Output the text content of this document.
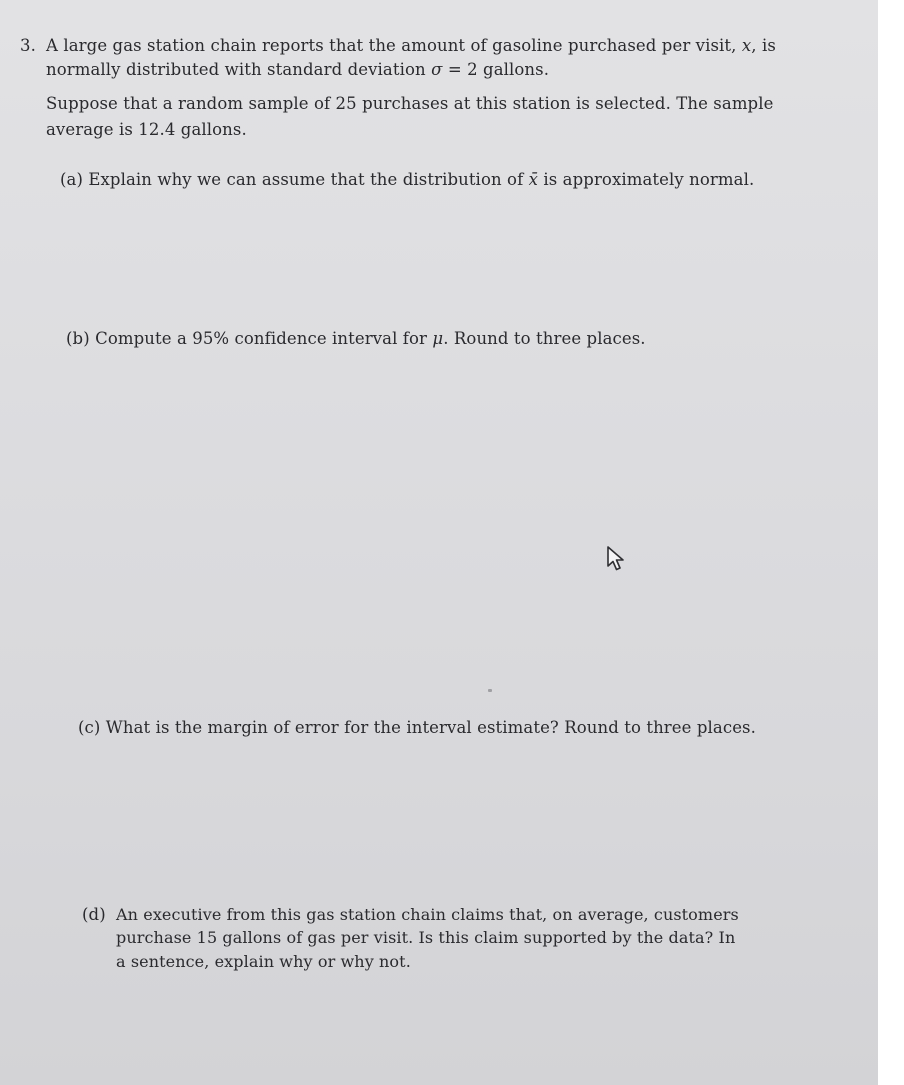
3. A large gas station chain reports that the amount of gasoline purchased per visit, x, is
normally distributed with standard deviation σ = 2 gallons.
Suppose that a random sample of 25 purchases at this station is selected. The sample
average is 12.4 gallons.
(a) Explain why we can assume that the distribution of x̄ is approximately normal.
(b) Compute a 95% confidence interval for μ. Round to three places.
(c) What is the margin of error for the interval estimate? Round to three places.
(d) An executive from this gas station chain claims that, on average, customers
purchase 15 gallons of gas per visit. Is this claim supported by the data? In
a sentence, explain why or why not.
